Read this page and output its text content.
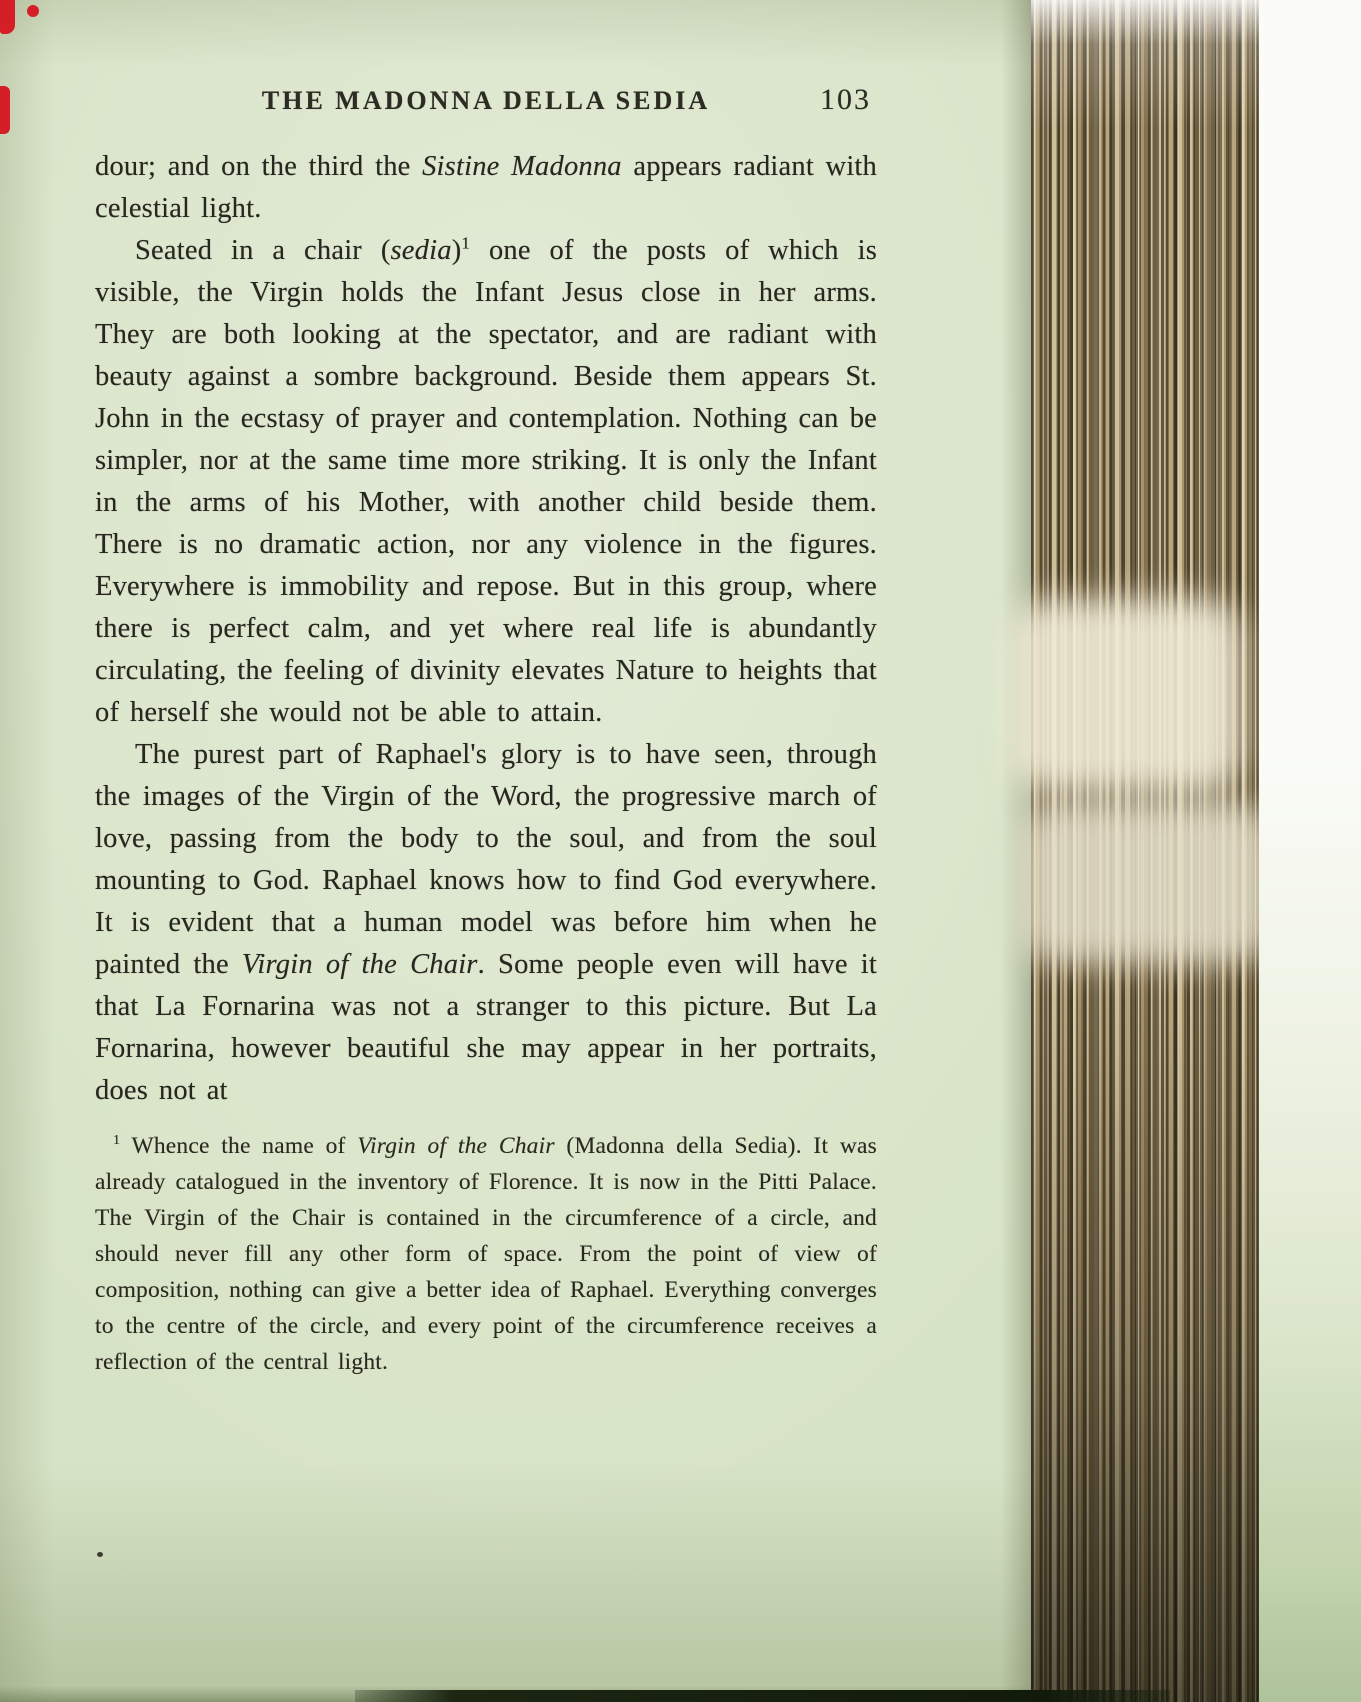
THE MADONNA DELLA SEDIA	103

dour; and on the third the Sistine Madonna appears radiant with celestial light.

Seated in a chair (sedia)$^1$ one of the posts of which is visible, the Virgin holds the Infant Jesus close in her arms. They are both looking at the spectator, and are radiant with beauty against a sombre background. Beside them appears St. John in the ecstasy of prayer and contemplation. Nothing can be simpler, nor at the same time more striking. It is only the Infant in the arms of his Mother, with another child beside them. There is no dramatic action, nor any violence in the figures. Everywhere is immobility and repose. But in this group, where there is perfect calm, and yet where real life is abundantly circulating, the feeling of divinity elevates Nature to heights that of herself she would not be able to attain.

The purest part of Raphael's glory is to have seen, through the images of the Virgin of the Word, the progressive march of love, passing from the body to the soul, and from the soul mounting to God. Raphael knows how to find God everywhere. It is evident that a human model was before him when he painted the Virgin of the Chair. Some people even will have it that La Fornarina was not a stranger to this picture. But La Fornarina, however beautiful she may appear in her portraits, does not at

$^1$ Whence the name of Virgin of the Chair (Madonna della Sedia). It was already catalogued in the inventory of Florence. It is now in the Pitti Palace. The Virgin of the Chair is contained in the circumference of a circle, and should never fill any other form of space. From the point of view of composition, nothing can give a better idea of Raphael. Everything converges to the centre of the circle, and every point of the circumference receives a reflection of the central light.
